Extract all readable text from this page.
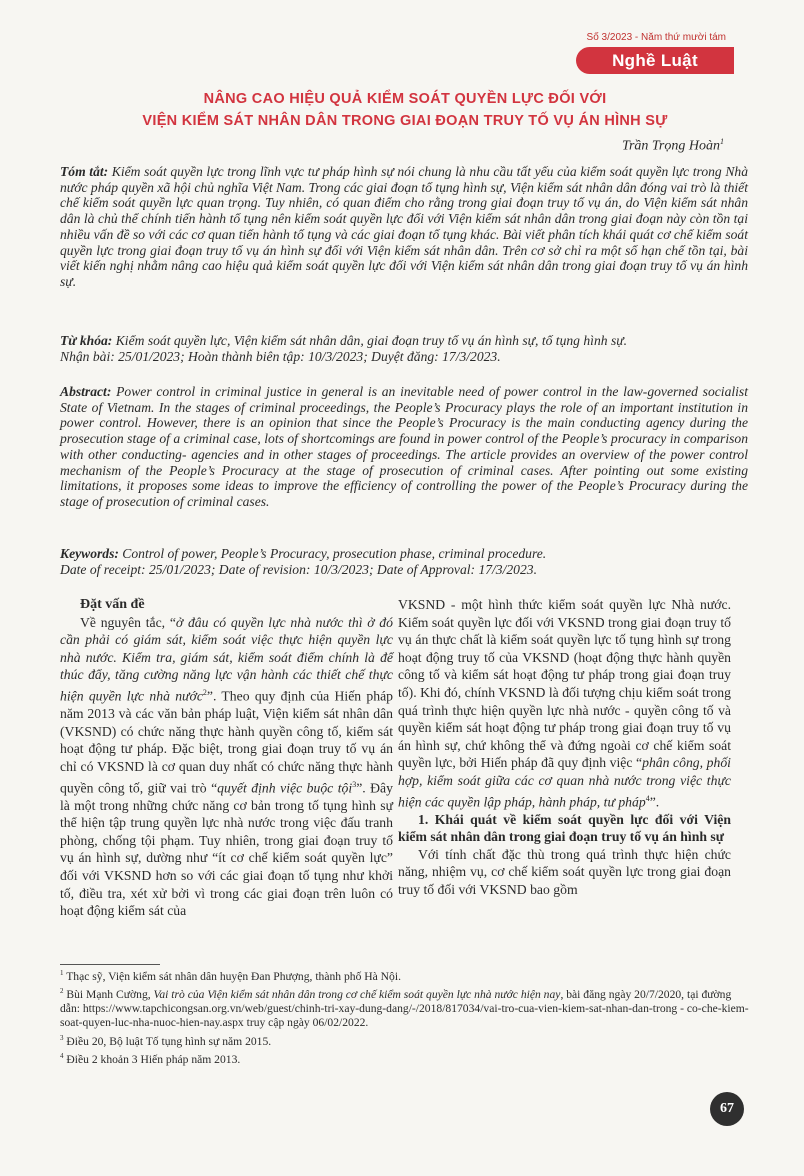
Số 3/2023 - Năm thứ mười tám
Nghề Luật
NÂNG CAO HIỆU QUẢ KIỂM SOÁT QUYỀN LỰC ĐỐI VỚI
VIỆN KIỂM SÁT NHÂN DÂN TRONG GIAI ĐOẠN TRUY TỐ VỤ ÁN HÌNH SỰ
Trần Trọng Hoàn$^1$
Tóm tắt: Kiểm soát quyền lực trong lĩnh vực tư pháp hình sự nói chung là nhu cầu tất yếu của kiểm soát quyền lực trong Nhà nước pháp quyền xã hội chủ nghĩa Việt Nam. Trong các giai đoạn tố tụng hình sự, Viện kiểm sát nhân dân đóng vai trò là thiết chế kiểm soát quyền lực quan trọng. Tuy nhiên, có quan điểm cho rằng trong giai đoạn truy tố vụ án, do Viện kiểm sát nhân dân là chủ thể chính tiến hành tố tụng nên kiểm soát quyền lực đối với Viện kiểm sát nhân dân trong giai đoạn này còn tồn tại nhiều vấn đề so với các cơ quan tiến hành tố tụng và các giai đoạn tố tụng khác. Bài viết phân tích khái quát cơ chế kiểm soát quyền lực trong giai đoạn truy tố vụ án hình sự đối với Viện kiểm sát nhân dân. Trên cơ sở chỉ ra một số hạn chế tồn tại, bài viết kiến nghị nhằm nâng cao hiệu quả kiểm soát quyền lực đối với Viện kiểm sát nhân dân trong giai đoạn truy tố vụ án hình sự.
Từ khóa: Kiểm soát quyền lực, Viện kiểm sát nhân dân, giai đoạn truy tố vụ án hình sự, tố tụng hình sự.
Nhận bài: 25/01/2023; Hoàn thành biên tập: 10/3/2023; Duyệt đăng: 17/3/2023.
Abstract: Power control in criminal justice in general is an inevitable need of power control in the law-governed socialist State of Vietnam. In the stages of criminal proceedings, the People’s Procuracy plays the role of an important institution in power control. However, there is an opinion that since the People’s Procuracy is the main conducting agency during the prosecution stage of a criminal case, lots of shortcomings are found in power control of the People’s procuracy in comparison with other conducting- agencies and in other stages of proceedings. The article provides an overview of the power control mechanism of the People’s Procuracy at the stage of prosecution of criminal cases. After pointing out some existing limitations, it proposes some ideas to improve the efficiency of controlling the power of the People’s Procuracy during the stage of prosecution of criminal cases.
Keywords: Control of power, People’s Procuracy, prosecution phase, criminal procedure.
Date of receipt: 25/01/2023; Date of revision: 10/3/2023; Date of Approval: 17/3/2023.

Đặt vấn đề

Về nguyên tắc, “ở đâu có quyền lực nhà nước thì ở đó cần phải có giám sát, kiểm soát việc thực hiện quyền lực nhà nước. Kiểm tra, giám sát, kiểm soát điểm chính là để thúc đẩy, tăng cường năng lực vận hành các thiết chế thực hiện quyền lực nhà nước$^2$”. Theo quy định của Hiến pháp năm 2013 và các văn bản pháp luật, Viện kiểm sát nhân dân (VKSND) có chức năng thực hành quyền công tố, kiểm sát hoạt động tư pháp. Đặc biệt, trong giai đoạn truy tố vụ án chỉ có VKSND là cơ quan duy nhất có chức năng thực hành quyền công tố, giữ vai trò “quyết định việc buộc tội$^3$”. Đây là một trong những chức năng cơ bản trong tố tụng hình sự thể hiện tập trung quyền lực nhà nước trong việc đấu tranh phòng, chống tội phạm. Tuy nhiên, trong giai đoạn truy tố vụ án hình sự, dường như “ít cơ chế kiểm soát quyền lực” đối với VKSND hơn so với các giai đoạn tố tụng như khởi tố, điều tra, xét xử bởi vì trong các giai đoạn trên luôn có hoạt động kiểm sát của

VKSND - một hình thức kiểm soát quyền lực Nhà nước. Kiểm soát quyền lực đối với VKSND trong giai đoạn truy tố vụ án thực chất là kiểm soát quyền lực tố tụng hình sự trong hoạt động truy tố của VKSND (hoạt động thực hành quyền công tố và kiểm sát hoạt động tư pháp trong giai đoạn truy tố). Khi đó, chính VKSND là đối tượng chịu kiểm soát trong quá trình thực hiện quyền lực nhà nước - quyền công tố và quyền kiểm sát hoạt động tư pháp trong giai đoạn truy tố vụ án hình sự, chứ không thể và đứng ngoài cơ chế kiểm soát quyền lực, bởi Hiến pháp đã quy định việc “phân công, phối hợp, kiểm soát giữa các cơ quan nhà nước trong việc thực hiện các quyền lập pháp, hành pháp, tư pháp$^4$”.

1. Khái quát về kiểm soát quyền lực đối với Viện kiểm sát nhân dân trong giai đoạn truy tố vụ án hình sự

Với tính chất đặc thù trong quá trình thực hiện chức năng, nhiệm vụ, cơ chế kiểm soát quyền lực trong giai đoạn truy tố đối với VKSND bao gồm

$^1$ Thạc sỹ, Viện kiểm sát nhân dân huyện Đan Phượng, thành phố Hà Nội.

$^2$ Bùi Mạnh Cường, Vai trò của Viện kiểm sát nhân dân trong cơ chế kiểm soát quyền lực nhà nước hiện nay, bài đăng ngày 20/7/2020, tại đường dẫn: https://www.tapchicongsan.org.vn/web/guest/chinh-tri-xay-dung-dang/-/2018/817034/vai-tro-cua-vien-kiem-sat-nhan-dan-trong - co-che-kiem-soat-quyen-luc-nha-nuoc-hien-nay.aspx truy cập ngày 06/02/2022.

$^3$ Điều 20, Bộ luật Tố tụng hình sự năm 2015.

$^4$ Điều 2 khoản 3 Hiến pháp năm 2013.

67
